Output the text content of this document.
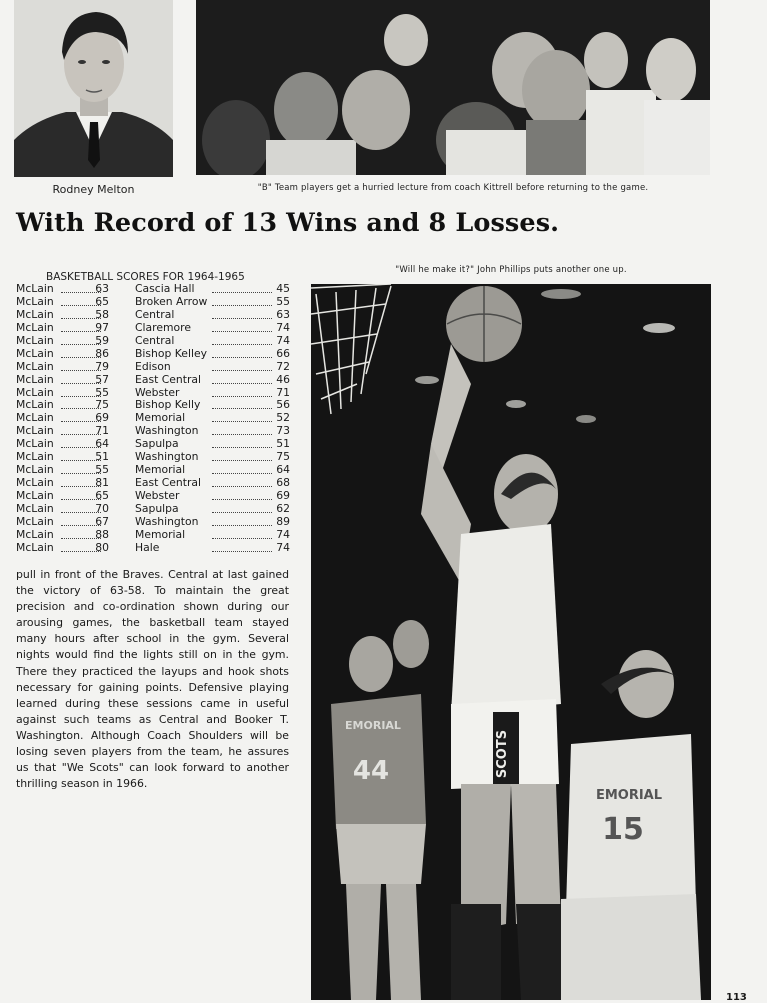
Rodney Melton	"B" Team players get a hurried lecture from coach Kittrell before returning to the game.
With Record of 13 Wins and 8 Losses.
BASKETBALL SCORES FOR 1964-1965
McLain	63 Cascia Hall	45
McLain	65 Broken Arrow	55
McLain	58 Central	63
McLain	97 Claremore	74
McLain	59 Central	74
McLain	86 Bishop Kelley	66
McLain	79 Edison	72
McLain	57 East Central	46
McLain	55 Webster	71
McLain	75 Bishop Kelly	56
McLain	69 Memorial	52
McLain	71 Washington	73
McLain	64 Sapulpa	51
McLain	51 Washington	75
McLain	55 Memorial	64
McLain	81 East Central	68
McLain	65 Webster	69
McLain	70 Sapulpa	62
McLain	67 Washington	89
McLain	88 Memorial	74
McLain	80 Hale	74

pull in front of the Braves. Central at last gained the victory of 63-58. To maintain the great precision and co-ordination shown during our arousing games, the basketball team stayed many hours after school in the gym. Several nights would find the lights still on in the gym. There they practiced the layups and hook shots necessary for gaining points. Defensive playing learned during these sessions came in useful against such teams as Central and Booker T. Washington. Although Coach Shoulders will be losing seven players from the team, he assures us that "We Scots" can look forward to another thrilling season in 1966.

"Will he make it?" John Phillips puts another one up.
SCOTS
EMORIAL
44
EMORIAL
15
113
